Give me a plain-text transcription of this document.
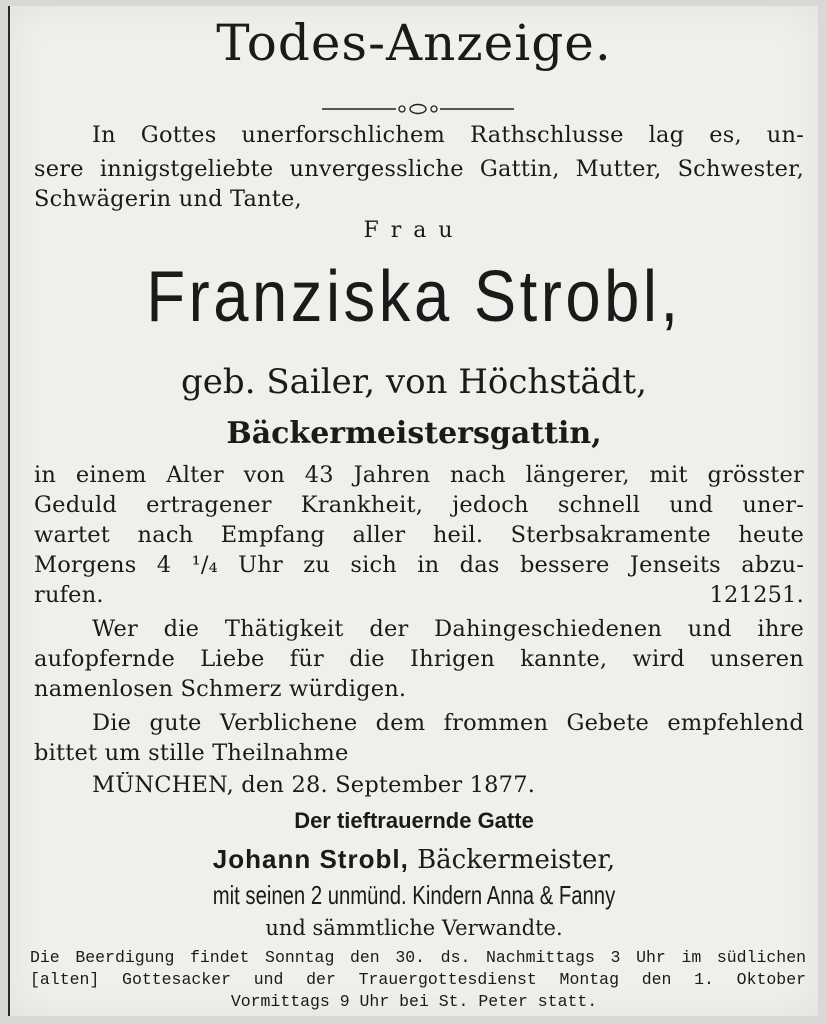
Todes-Anzeige.
In Gottes unerforschlichem Rathschlusse lag es, un-
sere innigstgeliebte unvergessliche Gattin, Mutter, Schwester,
Schwägerin und Tante,
Frau
Franziska Strobl,
geb. Sailer, von Höchstädt,
Bäckermeistersgattin,
in einem Alter von 43 Jahren nach längerer, mit grösster
Geduld ertragener Krankheit, jedoch schnell und uner-
wartet nach Empfang aller heil. Sterbsakramente heute
Morgens 4 ¹/₄ Uhr zu sich in das bessere Jenseits abzu-
rufen.	121251.
Wer die Thätigkeit der Dahingeschiedenen und ihre
aufopfernde Liebe für die Ihrigen kannte, wird unseren
namenlosen Schmerz würdigen.
Die gute Verblichene dem frommen Gebete empfehlend
bittet um stille Theilnahme
MÜNCHEN, den 28. September 1877.
Der tieftrauernde Gatte
Johann Strobl, Bäckermeister,
mit seinen 2 unmünd. Kindern Anna & Fanny
und sämmtliche Verwandte.
Die Beerdigung findet Sonntag den 30. ds. Nachmittags 3 Uhr im südlichen
[alten] Gottesacker und der Trauergottesdienst Montag den 1. Oktober
Vormittags 9 Uhr bei St. Peter statt.
